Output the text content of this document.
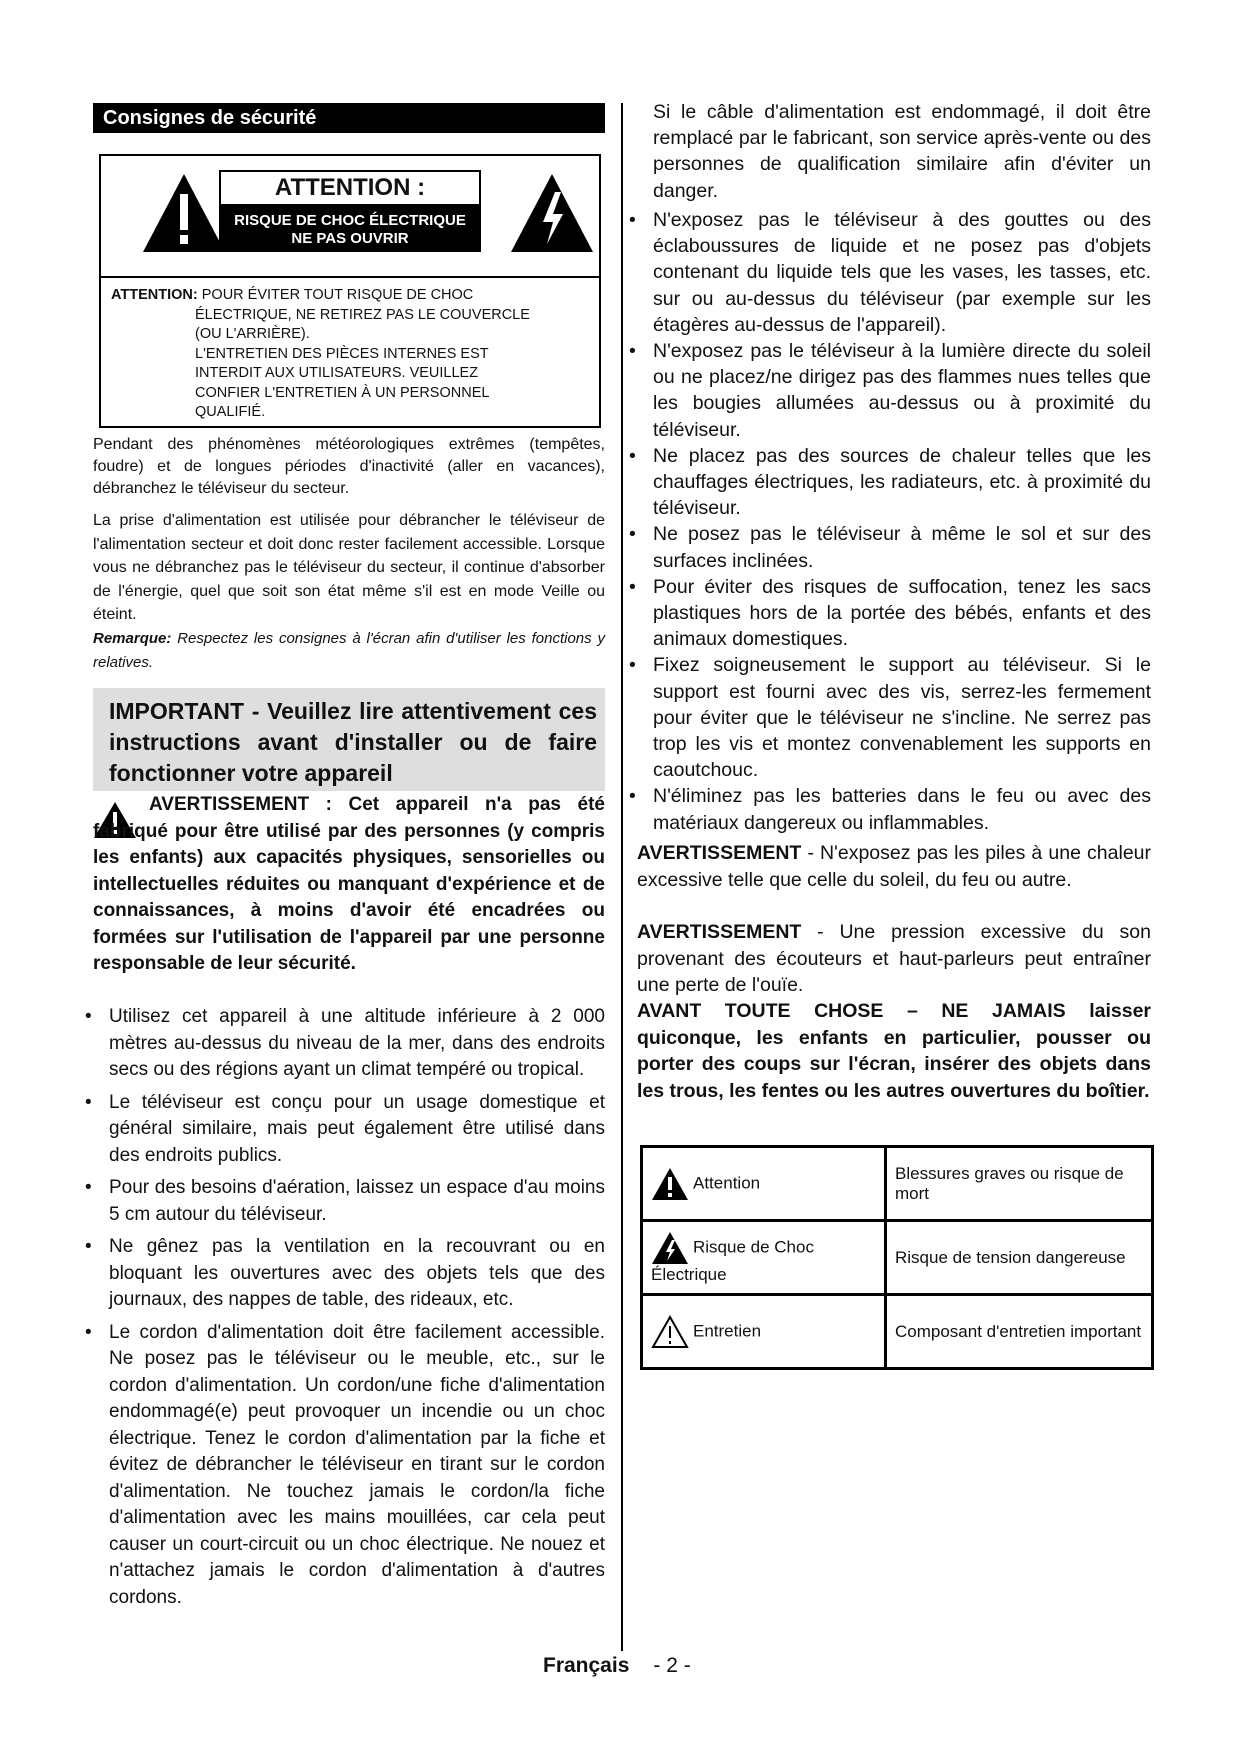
Consignes de sécurité
ATTENTION :
RISQUE DE CHOC ÉLECTRIQUE
NE PAS OUVRIR
ATTENTION: POUR ÉVITER TOUT RISQUE DE CHOC
ÉLECTRIQUE, NE RETIREZ PAS LE COUVERCLE
(OU L'ARRIÈRE).
L'ENTRETIEN DES PIÈCES INTERNES EST
INTERDIT AUX UTILISATEURS. VEUILLEZ
CONFIER L'ENTRETIEN À UN PERSONNEL
QUALIFIÉ.
Pendant des phénomènes météorologiques extrêmes (tempêtes, foudre) et de longues périodes d'inactivité (aller en vacances), débranchez le téléviseur du secteur.
La prise d'alimentation est utilisée pour débrancher le téléviseur de l'alimentation secteur et doit donc rester facilement accessible. Lorsque vous ne débranchez pas le téléviseur du secteur, il continue d'absorber de l'énergie, quel que soit son état même s'il est en mode Veille ou éteint.
Remarque: Respectez les consignes à l'écran afin d'utiliser les fonctions y relatives.
IMPORTANT - Veuillez lire attentivement ces instructions avant d'installer ou de faire fonctionner votre appareil
AVERTISSEMENT : Cet appareil n'a pas été fabriqué pour être utilisé par des personnes (y compris les enfants) aux capacités physiques, sensorielles ou intellectuelles réduites ou manquant d'expérience et de connaissances, à moins d'avoir été encadrées ou formées sur l'utilisation de l'appareil par une personne responsable de leur sécurité.
• Utilisez cet appareil à une altitude inférieure à 2 000 mètres au-dessus du niveau de la mer, dans des endroits secs ou des régions ayant un climat tempéré ou tropical.
• Le téléviseur est conçu pour un usage domestique et général similaire, mais peut également être utilisé dans des endroits publics.
• Pour des besoins d'aération, laissez un espace d'au moins 5 cm autour du téléviseur.
• Ne gênez pas la ventilation en la recouvrant ou en bloquant les ouvertures avec des objets tels que des journaux, des nappes de table, des rideaux, etc.
• Le cordon d'alimentation doit être facilement accessible. Ne posez pas le téléviseur ou le meuble, etc., sur le cordon d'alimentation. Un cordon/une fiche d'alimentation endommagé(e) peut provoquer un incendie ou un choc électrique. Tenez le cordon d'alimentation par la fiche et évitez de débrancher le téléviseur en tirant sur le cordon d'alimentation. Ne touchez jamais le cordon/la fiche d'alimentation avec les mains mouillées, car cela peut causer un court-circuit ou un choc électrique. Ne nouez et n'attachez jamais le cordon d'alimentation à d'autres cordons.
Si le câble d'alimentation est endommagé, il doit être remplacé par le fabricant, son service après-vente ou des personnes de qualification similaire afin d'éviter un danger.
• N'exposez pas le téléviseur à des gouttes ou des éclaboussures de liquide et ne posez pas d'objets contenant du liquide tels que les vases, les tasses, etc. sur ou au-dessus du téléviseur (par exemple sur les étagères au-dessus de l'appareil).
• N'exposez pas le téléviseur à la lumière directe du soleil ou ne placez/ne dirigez pas des flammes nues telles que les bougies allumées au-dessus ou à proximité du téléviseur.
• Ne placez pas des sources de chaleur telles que les chauffages électriques, les radiateurs, etc. à proximité du téléviseur.
• Ne posez pas le téléviseur à même le sol et sur des surfaces inclinées.
• Pour éviter des risques de suffocation, tenez les sacs plastiques hors de la portée des bébés, enfants et des animaux domestiques.
• Fixez soigneusement le support au téléviseur. Si le support est fourni avec des vis, serrez-les fermement pour éviter que le téléviseur ne s'incline. Ne serrez pas trop les vis et montez convenablement les supports en caoutchouc.
• N'éliminez pas les batteries dans le feu ou avec des matériaux dangereux ou inflammables.
AVERTISSEMENT - N'exposez pas les piles à une chaleur excessive telle que celle du soleil, du feu ou autre.
AVERTISSEMENT - Une pression excessive du son provenant des écouteurs et haut-parleurs peut entraîner une perte de l'ouïe.
AVANT TOUTE CHOSE – NE JAMAIS laisser quiconque, les enfants en particulier, pousser ou porter des coups sur l'écran, insérer des objets dans les trous, les fentes ou les autres ouvertures du boîtier.
Attention	Blessures graves ou risque de mort
Risque de Choc Électrique	Risque de tension dangereuse
Entretien	Composant d'entretien important
Français - 2 -
